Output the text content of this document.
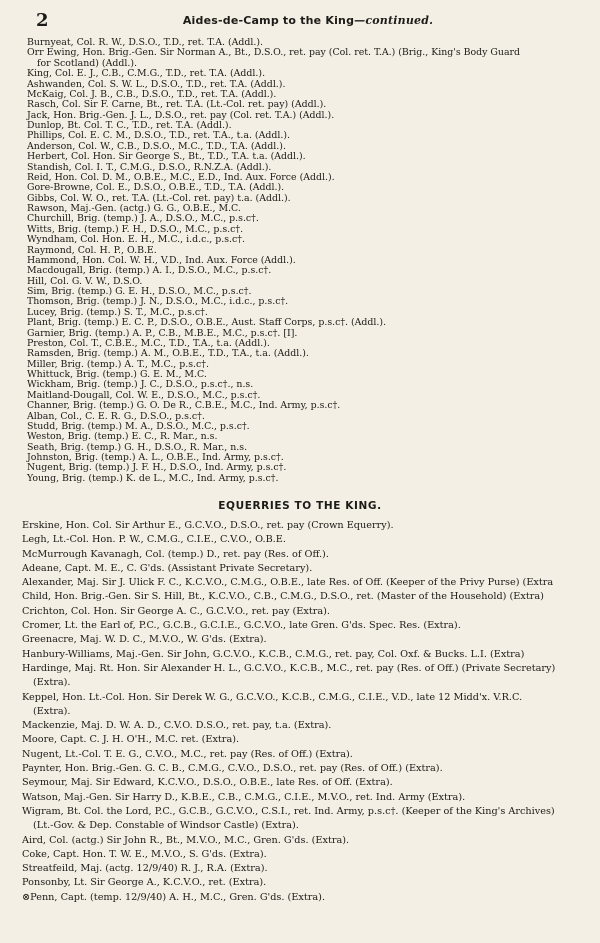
2	Aides-de-Camp to the King—continued.
Burnyeat, Col. R. W., D.S.O., T.D., ret. T.A. (Addl.).
Orr Ewing, Hon. Brig.-Gen. Sir Norman A., Bt., D.S.O., ret. pay (Col. ret. T.A.) (Brig., King's Body Guard
for Scotland) (Addl.).
King, Col. E. J., C.B., C.M.G., T.D., ret. T.A. (Addl.).
Ashwanden, Col. S. W. L., D.S.O., T.D., ret. T.A. (Addl.).
McKaig, Col. J. B., C.B., D.S.O., T.D., ret. T.A. (Addl.).
Rasch, Col. Sir F. Carne, Bt., ret. T.A. (Lt.-Col. ret. pay) (Addl.).
Jack, Hon. Brig.-Gen. J. L., D.S.O., ret. pay (Col. ret. T.A.) (Addl.).
Dunlop, Bt. Col. T. C., T.D., ret. T.A. (Addl.).
Phillips, Col. E. C. M., D.S.O., T.D., ret. T.A., t.a. (Addl.).
Anderson, Col. W., C.B., D.S.O., M.C., T.D., T.A. (Addl.).
Herbert, Col. Hon. Sir George S., Bt., T.D., T.A. t.a. (Addl.).
Standish, Col. I. T., C.M.G., D.S.O., R.N.Z.A. (Addl.).
Reid, Hon. Col. D. M., O.B.E., M.C., E.D., Ind. Aux. Force (Addl.).
Gore-Browne, Col. E., D.S.O., O.B.E., T.D., T.A. (Addl.).
Gibbs, Col. W. O., ret. T.A. (Lt.-Col. ret. pay) t.a. (Addl.).
Rawson, Maj.-Gen. (actg.) G. G., O.B.E., M.C.
Churchill, Brig. (temp.) J. A., D.S.O., M.C., p.s.c†.
Witts, Brig. (temp.) F. H., D.S.O., M.C., p.s.c†.
Wyndham, Col. Hon. E. H., M.C., i.d.c., p.s.c†.
Raymond, Col. H. P., O.B.E.
Hammond, Hon. Col. W. H., V.D., Ind. Aux. Force (Addl.).
Macdougall, Brig. (temp.) A. I., D.S.O., M.C., p.s.c†.
Hill, Col. G. V. W., D.S.O.
Sim, Brig. (temp.) G. E. H., D.S.O., M.C., p.s.c†.
Thomson, Brig. (temp.) J. N., D.S.O., M.C., i.d.c., p.s.c†.
Lucey, Brig. (temp.) S. T., M.C., p.s.c†.
Plant, Brig. (temp.) E. C. P., D.S.O., O.B.E., Aust. Staff Corps, p.s.c†. (Addl.).
Garnier, Brig. (temp.) A. P., C.B., M.B.E., M.C., p.s.c†. [I].
Preston, Col. T., C.B.E., M.C., T.D., T.A., t.a. (Addl.).
Ramsden, Brig. (temp.) A. M., O.B.E., T.D., T.A., t.a. (Addl.).
Miller, Brig. (temp.) A. T., M.C., p.s.c†.
Whittuck, Brig. (temp.) G. E. M., M.C.
Wickham, Brig. (temp.) J. C., D.S.O., p.s.c†., n.s.
Maitland-Dougall, Col. W. E., D.S.O., M.C., p.s.c†.
Channer, Brig. (temp.) G. O. De R., C.B.E., M.C., Ind. Army, p.s.c†.
Alban, Col., C. E. R. G., D.S.O., p.s.c†.
Studd, Brig. (temp.) M. A., D.S.O., M.C., p.s.c†.
Weston, Brig. (temp.) E. C., R. Mar., n.s.
Seath, Brig. (temp.) G. H., D.S.O., R. Mar., n.s.
Johnston, Brig. (temp.) A. L., O.B.E., Ind. Army, p.s.c†.
Nugent, Brig. (temp.) J. F. H., D.S.O., Ind. Army, p.s.c†.
Young, Brig. (temp.) K. de L., M.C., Ind. Army, p.s.c†.
EQUERRIES TO THE KING.
Erskine, Hon. Col. Sir Arthur E., G.C.V.O., D.S.O., ret. pay (Crown Equerry).
Legh, Lt.-Col. Hon. P. W., C.M.G., C.I.E., C.V.O., O.B.E.
McMurrough Kavanagh, Col. (temp.) D., ret. pay (Res. of Off.).
Adeane, Capt. M. E., C. G'ds. (Assistant Private Secretary).
Alexander, Maj. Sir J. Ulick F. C., K.C.V.O., C.M.G., O.B.E., late Res. of Off. (Keeper of the Privy Purse) (Extra
Child, Hon. Brig.-Gen. Sir S. Hill, Bt., K.C.V.O., C.B., C.M.G., D.S.O., ret. (Master of the Household) (Extra)
Crichton, Col. Hon. Sir George A. C., G.C.V.O., ret. pay (Extra).
Cromer, Lt. the Earl of, P.C., G.C.B., G.C.I.E., G.C.V.O., late Gren. G'ds. Spec. Res. (Extra).
Greenacre, Maj. W. D. C., M.V.O., W. G'ds. (Extra).
Hanbury-Williams, Maj.-Gen. Sir John, G.C.V.O., K.C.B., C.M.G., ret. pay, Col. Oxf. & Bucks. L.I. (Extra)
Hardinge, Maj. Rt. Hon. Sir Alexander H. L., G.C.V.O., K.C.B., M.C., ret. pay (Res. of Off.) (Private Secretary)
(Extra).
Keppel, Hon. Lt.-Col. Hon. Sir Derek W. G., G.C.V.O., K.C.B., C.M.G., C.I.E., V.D., late 12 Midd'x. V.R.C.
(Extra).
Mackenzie, Maj. D. W. A. D., C.V.O. D.S.O., ret. pay, t.a. (Extra).
Moore, Capt. C. J. H. O'H., M.C. ret. (Extra).
Nugent, Lt.-Col. T. E. G., C.V.O., M.C., ret. pay (Res. of Off.) (Extra).
Paynter, Hon. Brig.-Gen. G. C. B., C.M.G., C.V.O., D.S.O., ret. pay (Res. of Off.) (Extra).
Seymour, Maj. Sir Edward, K.C.V.O., D.S.O., O.B.E., late Res. of Off. (Extra).
Watson, Maj.-Gen. Sir Harry D., K.B.E., C.B., C.M.G., C.I.E., M.V.O., ret. Ind. Army (Extra).
Wigram, Bt. Col. the Lord, P.C., G.C.B., G.C.V.O., C.S.I., ret. Ind. Army, p.s.c†. (Keeper of the King's Archives)
(Lt.-Gov. & Dep. Constable of Windsor Castle) (Extra).
Aird, Col. (actg.) Sir John R., Bt., M.V.O., M.C., Gren. G'ds. (Extra).
Coke, Capt. Hon. T. W. E., M.V.O., S. G'ds. (Extra).
Streatfeild, Maj. (actg. 12/9/40) R. J., R.A. (Extra).
Ponsonby, Lt. Sir George A., K.C.V.O., ret. (Extra).
⊗Penn, Capt. (temp. 12/9/40) A. H., M.C., Gren. G'ds. (Extra).
